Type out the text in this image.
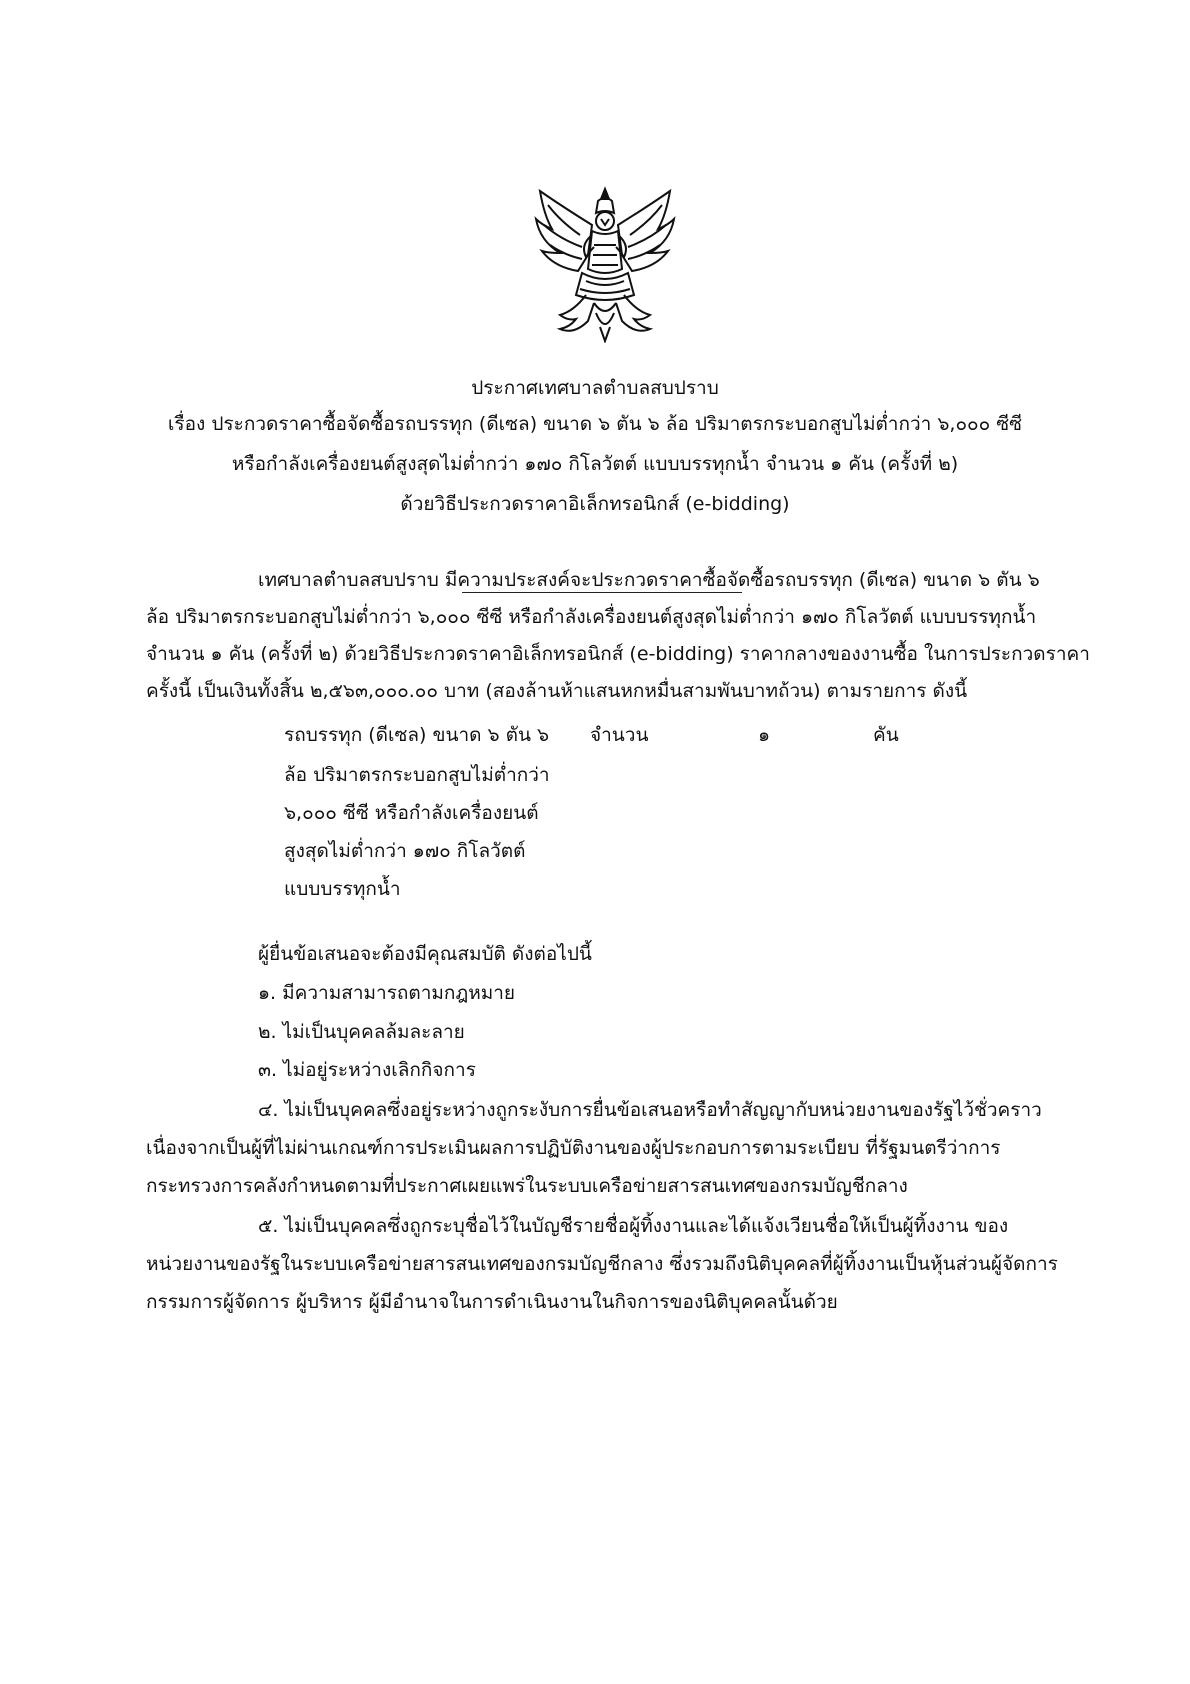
ประกาศเทศบาลตำบลสบปราบ
เรื่อง ประกวดราคาซื้อจัดซื้อรถบรรทุก (ดีเซล) ขนาด ๖ ตัน ๖ ล้อ ปริมาตรกระบอกสูบไม่ต่ำกว่า ๖,๐๐๐ ซีซี
หรือกำลังเครื่องยนต์สูงสุดไม่ต่ำกว่า ๑๗๐ กิโลวัตต์ แบบบรรทุกน้ำ จำนวน ๑ คัน (ครั้งที่ ๒)
ด้วยวิธีประกวดราคาอิเล็กทรอนิกส์ (e-bidding)
เทศบาลตำบลสบปราบ มีความประสงค์จะประกวดราคาซื้อจัดซื้อรถบรรทุก (ดีเซล) ขนาด ๖ ตัน ๖
ล้อ ปริมาตรกระบอกสูบไม่ต่ำกว่า ๖,๐๐๐ ซีซี หรือกำลังเครื่องยนต์สูงสุดไม่ต่ำกว่า ๑๗๐ กิโลวัตต์ แบบบรรทุกน้ำ
จำนวน ๑ คัน (ครั้งที่ ๒) ด้วยวิธีประกวดราคาอิเล็กทรอนิกส์ (e-bidding) ราคากลางของงานซื้อ ในการประกวดราคา
ครั้งนี้ เป็นเงินทั้งสิ้น ๒,๕๖๓,๐๐๐.๐๐ บาท (สองล้านห้าแสนหกหมื่นสามพันบาทถ้วน) ตามรายการ ดังนี้
รถบรรทุก (ดีเซล) ขนาด ๖ ตัน ๖
ล้อ ปริมาตรกระบอกสูบไม่ต่ำกว่า
๖,๐๐๐ ซีซี หรือกำลังเครื่องยนต์
สูงสุดไม่ต่ำกว่า ๑๗๐ กิโลวัตต์
แบบบรรทุกน้ำ
จำนวน	๑	คัน
ผู้ยื่นข้อเสนอจะต้องมีคุณสมบัติ ดังต่อไปนี้
๑. มีความสามารถตามกฎหมาย
๒. ไม่เป็นบุคคลล้มละลาย
๓. ไม่อยู่ระหว่างเลิกกิจการ
๔. ไม่เป็นบุคคลซึ่งอยู่ระหว่างถูกระงับการยื่นข้อเสนอหรือทำสัญญากับหน่วยงานของรัฐไว้ชั่วคราว
เนื่องจากเป็นผู้ที่ไม่ผ่านเกณฑ์การประเมินผลการปฏิบัติงานของผู้ประกอบการตามระเบียบ ที่รัฐมนตรีว่าการ
กระทรวงการคลังกำหนดตามที่ประกาศเผยแพร่ในระบบเครือข่ายสารสนเทศของกรมบัญชีกลาง
๕. ไม่เป็นบุคคลซึ่งถูกระบุชื่อไว้ในบัญชีรายชื่อผู้ทิ้งงานและได้แจ้งเวียนชื่อให้เป็นผู้ทิ้งงาน ของ
หน่วยงานของรัฐในระบบเครือข่ายสารสนเทศของกรมบัญชีกลาง ซึ่งรวมถึงนิติบุคคลที่ผู้ทิ้งงานเป็นหุ้นส่วนผู้จัดการ
กรรมการผู้จัดการ ผู้บริหาร ผู้มีอำนาจในการดำเนินงานในกิจการของนิติบุคคลนั้นด้วย
